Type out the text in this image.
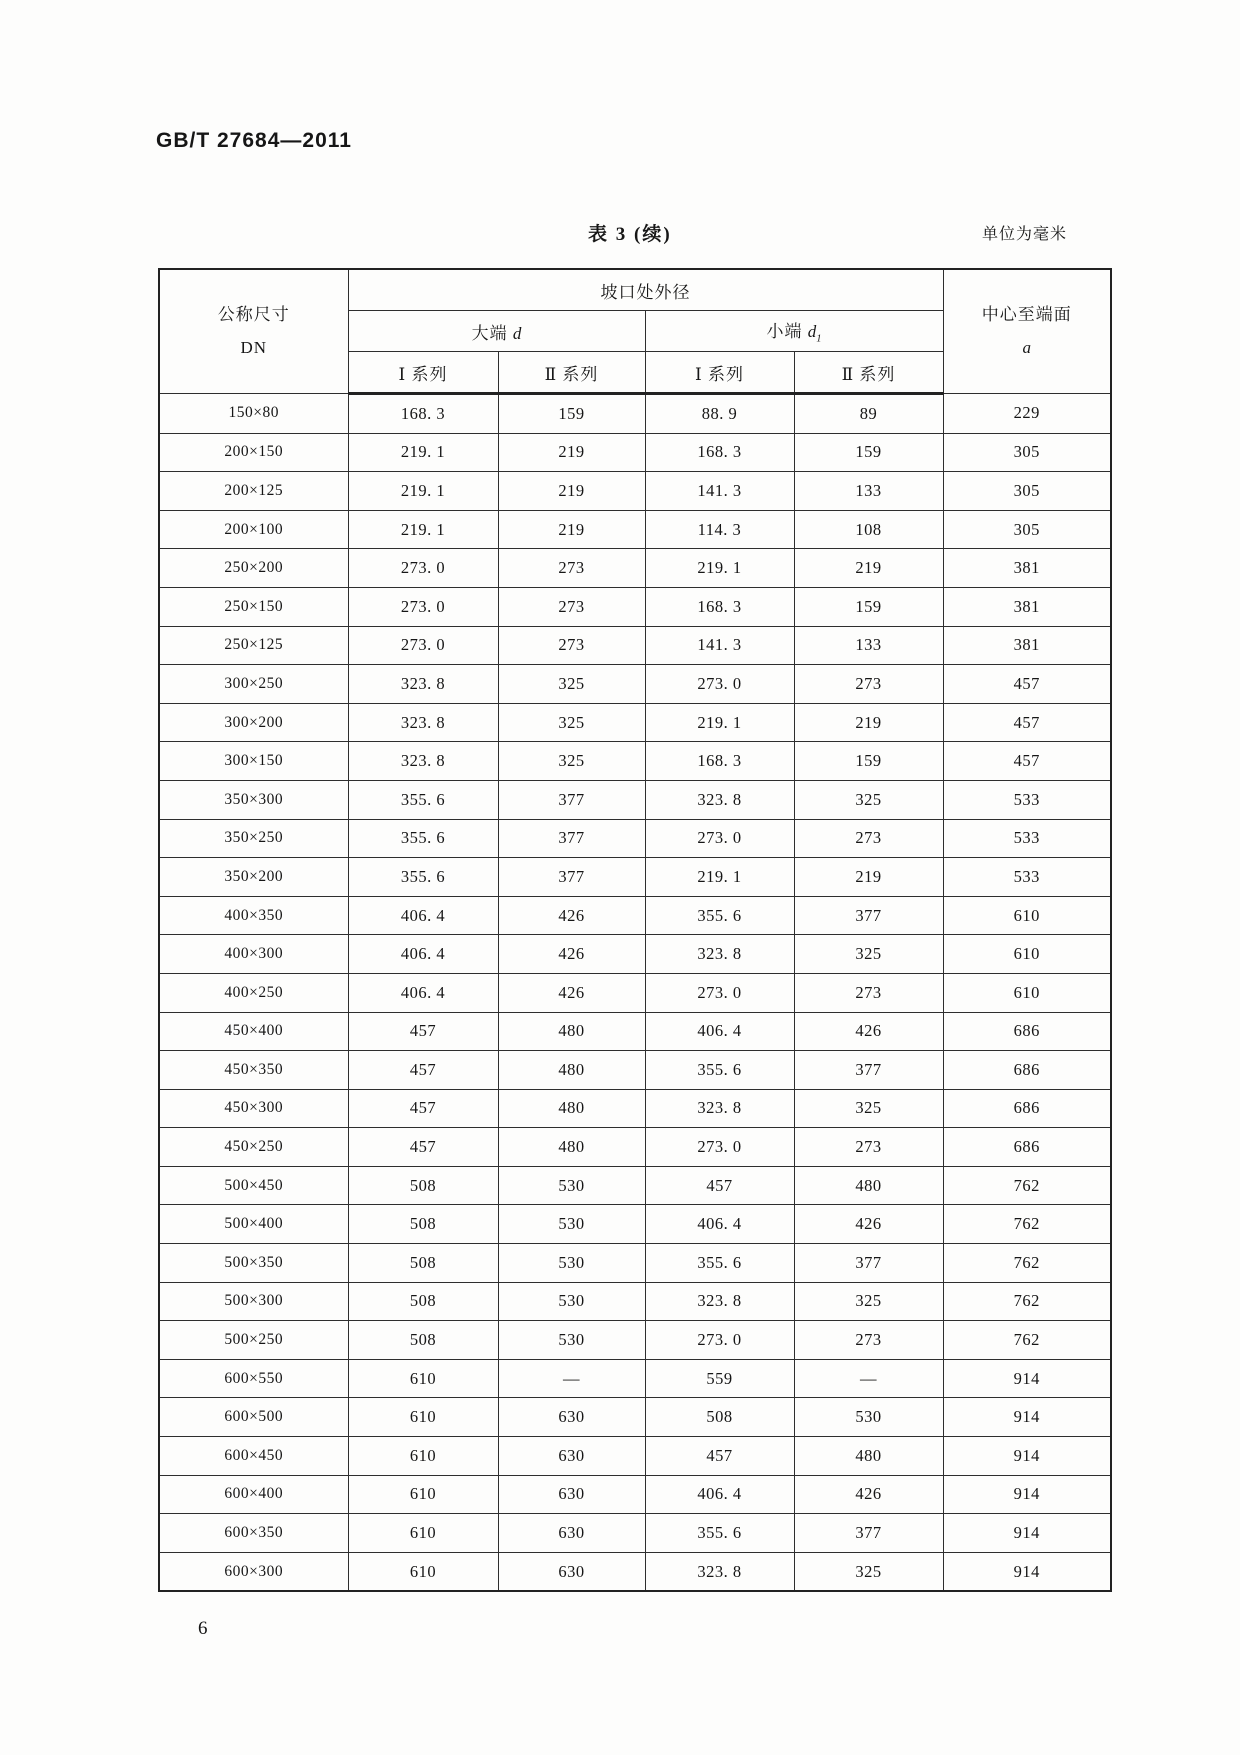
GB/T 27684—2011
表 3 (续)	单位为毫米
公称尺寸
DN
	坡口处外径	
中心至端面
a

	大端 d		小端 $d_1$
	Ⅰ 系列	Ⅱ 系列	Ⅰ 系列	Ⅱ 系列	
150×80	168. 3	159	88. 9	89	229
200×150	219. 1	219	168. 3	159	305
200×125	219. 1	219	141. 3	133	305
200×100	219. 1	219	114. 3	108	305
250×200	273. 0	273	219. 1	219	381
250×150	273. 0	273	168. 3	159	381
250×125	273. 0	273	141. 3	133	381
300×250	323. 8	325	273. 0	273	457
300×200	323. 8	325	219. 1	219	457
300×150	323. 8	325	168. 3	159	457
350×300	355. 6	377	323. 8	325	533
350×250	355. 6	377	273. 0	273	533
350×200	355. 6	377	219. 1	219	533
400×350	406. 4	426	355. 6	377	610
400×300	406. 4	426	323. 8	325	610
400×250	406. 4	426	273. 0	273	610
450×400	457	480	406. 4	426	686
450×350	457	480	355. 6	377	686
450×300	457	480	323. 8	325	686
450×250	457	480	273. 0	273	686
500×450	508	530	457	480	762
500×400	508	530	406. 4	426	762
500×350	508	530	355. 6	377	762
500×300	508	530	323. 8	325	762
500×250	508	530	273. 0	273	762
600×550	610	—	559	—	914
600×500	610	630	508	530	914
600×450	610	630	457	480	914
600×400	610	630	406. 4	426	914
600×350	610	630	355. 6	377	914
600×300	610	630	323. 8	325	914
6
